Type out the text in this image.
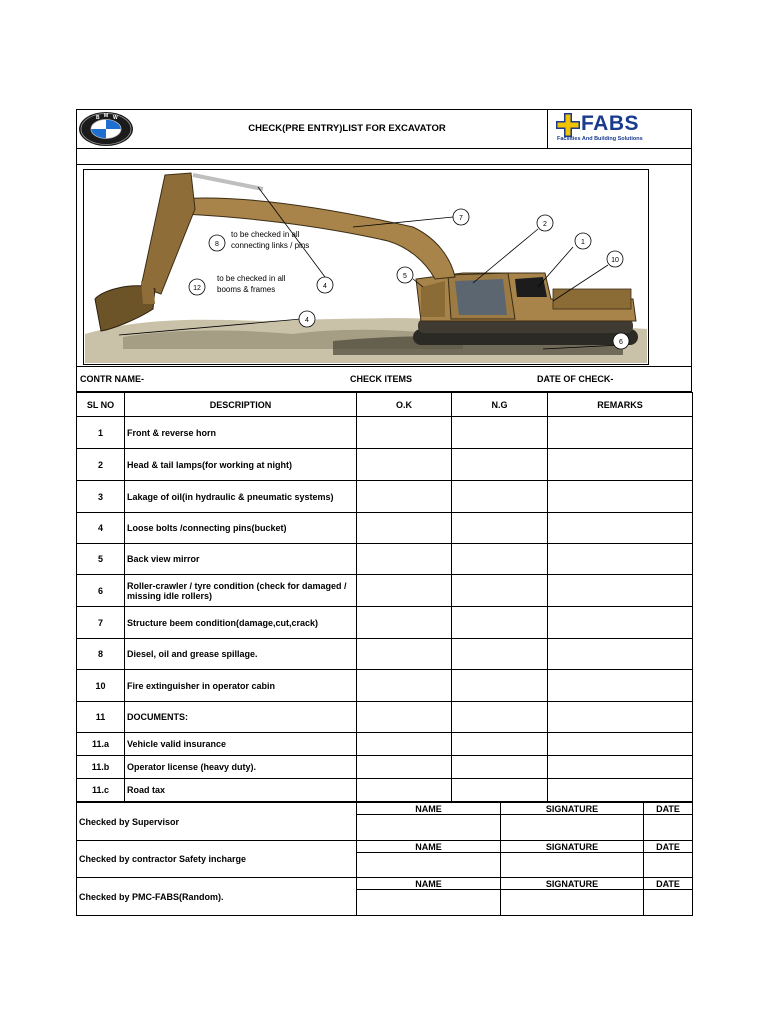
B M W
CHECK(PRE ENTRY)LIST FOR EXCAVATOR	FABS
Facilities And Building Solutions
7
2
1
10
5
4
4
6
8
12
to be checked in all
connecting links / pins
to be checked in all
booms & frames
CONTR NAME-	CHECK ITEMS	DATE OF CHECK-
SL NO	DESCRIPTION	O.K	N.G	REMARKS
1	Front & reverse horn			
2	Head & tail lamps(for working at night)			
3	Lakage of oil(in hydraulic & pneumatic systems)			
4	Loose bolts /connecting pins(bucket)			
5	Back view mirror			
6	Roller-crawler / tyre condition (check for damaged / missing idle rollers)			
7	Structure beem condition(damage,cut,crack)			
8	Diesel, oil and grease spillage.			
10	Fire extinguisher in operator cabin			
11	DOCUMENTS:			
11.a	Vehicle valid insurance			
11.b	Operator license (heavy duty).			
11.c	Road tax			
Checked by Supervisor	NAME	SIGNATURE	DATE

Checked by contractor Safety incharge	NAME	SIGNATURE	DATE

Checked by PMC-FABS(Random).	NAME	SIGNATURE	DATE
